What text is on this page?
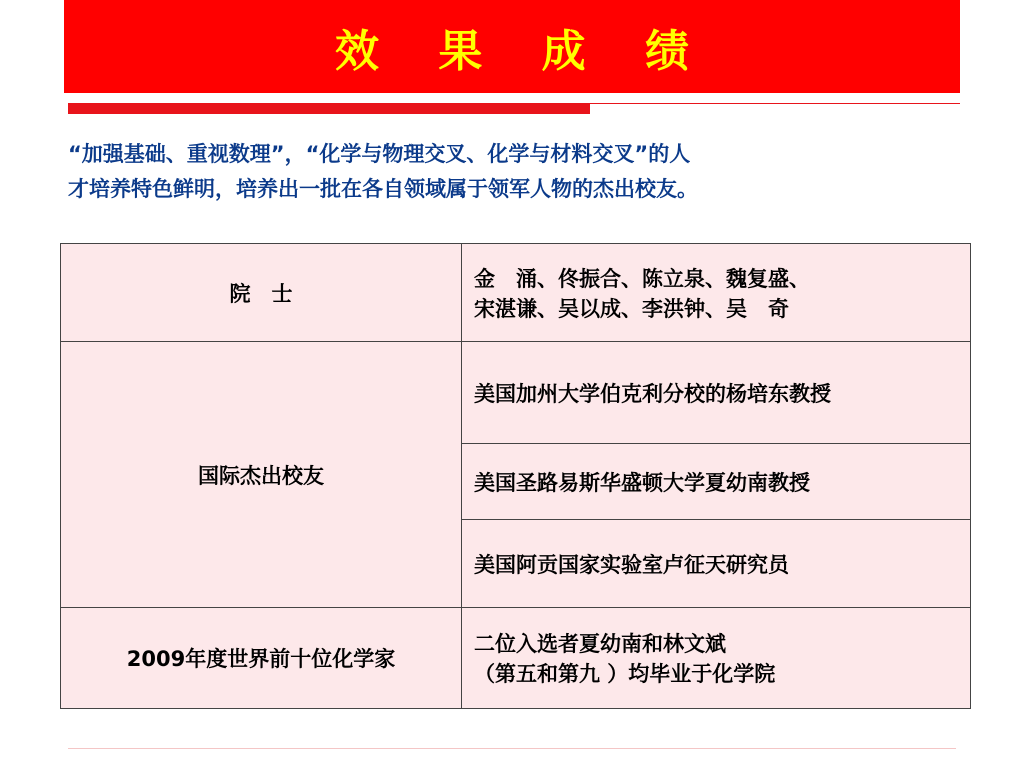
效 果 成 绩
“加强基础、重视数理”，“化学与物理交叉、化学与材料交叉”的人
才培养特色鲜明，培养出一批在各自领域属于领军人物的杰出校友。
院　士	金　涌、佟振合、陈立泉、魏复盛、
宋湛谦、吴以成、李洪钟、吴　奇

国际杰出校友	美国加州大学伯克利分校的杨培东教授
	美国圣路易斯华盛顿大学夏幼南教授
	美国阿贡国家实验室卢征天研究员
2009年度世界前十位化学家	二位入选者夏幼南和林文斌
（第五和第九 ）均毕业于化学院
